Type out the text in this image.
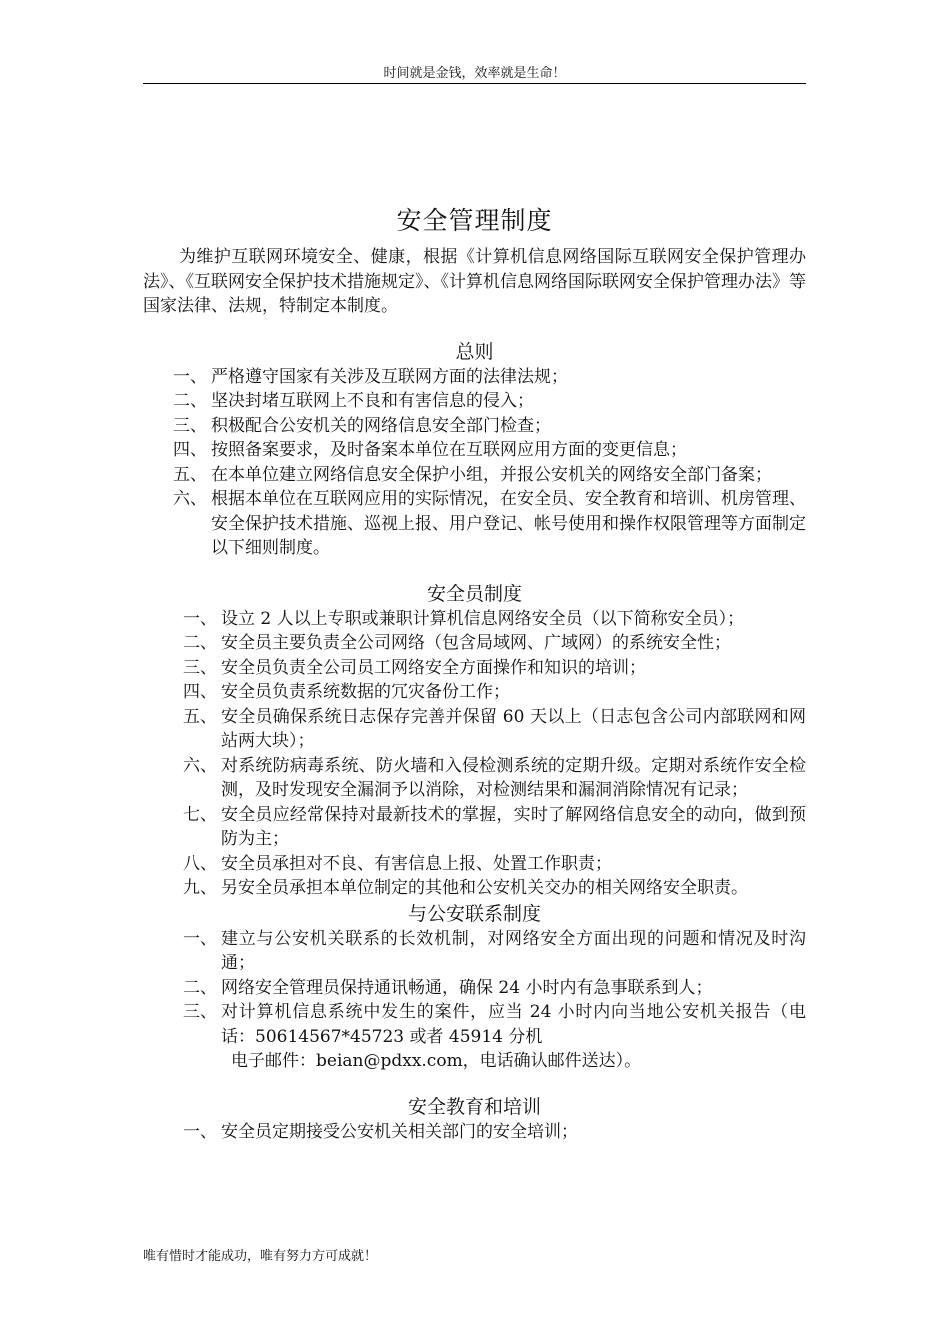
时间就是金钱，效率就是生命！
安全管理制度

为维护互联网环境安全、健康，根据《计算机信息网络国际互联网安全保护管理办法》、《互联网安全保护技术措施规定》、《计算机信息网络国际联网安全保护管理办法》等国家法律、法规，特制定本制度。

总则

一、 严格遵守国家有关涉及互联网方面的法律法规；

二、 坚决封堵互联网上不良和有害信息的侵入；

三、 积极配合公安机关的网络信息安全部门检查；

四、 按照备案要求，及时备案本单位在互联网应用方面的变更信息；

五、 在本单位建立网络信息安全保护小组，并报公安机关的网络安全部门备案；

六、 根据本单位在互联网应用的实际情况，在安全员、安全教育和培训、机房管理、安全保护技术措施、巡视上报、用户登记、帐号使用和操作权限管理等方面制定以下细则制度。

安全员制度

一、 设立 2 人以上专职或兼职计算机信息网络安全员（以下简称安全员）；

二、 安全员主要负责全公司网络（包含局域网、广域网）的系统安全性；

三、 安全员负责全公司员工网络安全方面操作和知识的培训；

四、 安全员负责系统数据的冗灾备份工作；

五、 安全员确保系统日志保存完善并保留 60 天以上（日志包含公司内部联网和网站两大块）；

六、 对系统防病毒系统、防火墙和入侵检测系统的定期升级。定期对系统作安全检测，及时发现安全漏洞予以消除，对检测结果和漏洞消除情况有记录；

七、 安全员应经常保持对最新技术的掌握，实时了解网络信息安全的动向，做到预防为主；

八、 安全员承担对不良、有害信息上报、处置工作职责；

九、 另安全员承担本单位制定的其他和公安机关交办的相关网络安全职责。

与公安联系制度

一、 建立与公安机关联系的长效机制，对网络安全方面出现的问题和情况及时沟通；

二、 网络安全管理员保持通讯畅通，确保 24 小时内有急事联系到人；

三、 对计算机信息系统中发生的案件，应当 24 小时内向当地公安机关报告（电话：50614567*45723 或者 45914 分机

电子邮件：beian@pdxx.com，电话确认邮件送达）。

安全教育和培训

一、 安全员定期接受公安机关相关部门的安全培训；

唯有惜时才能成功，唯有努力方可成就！
